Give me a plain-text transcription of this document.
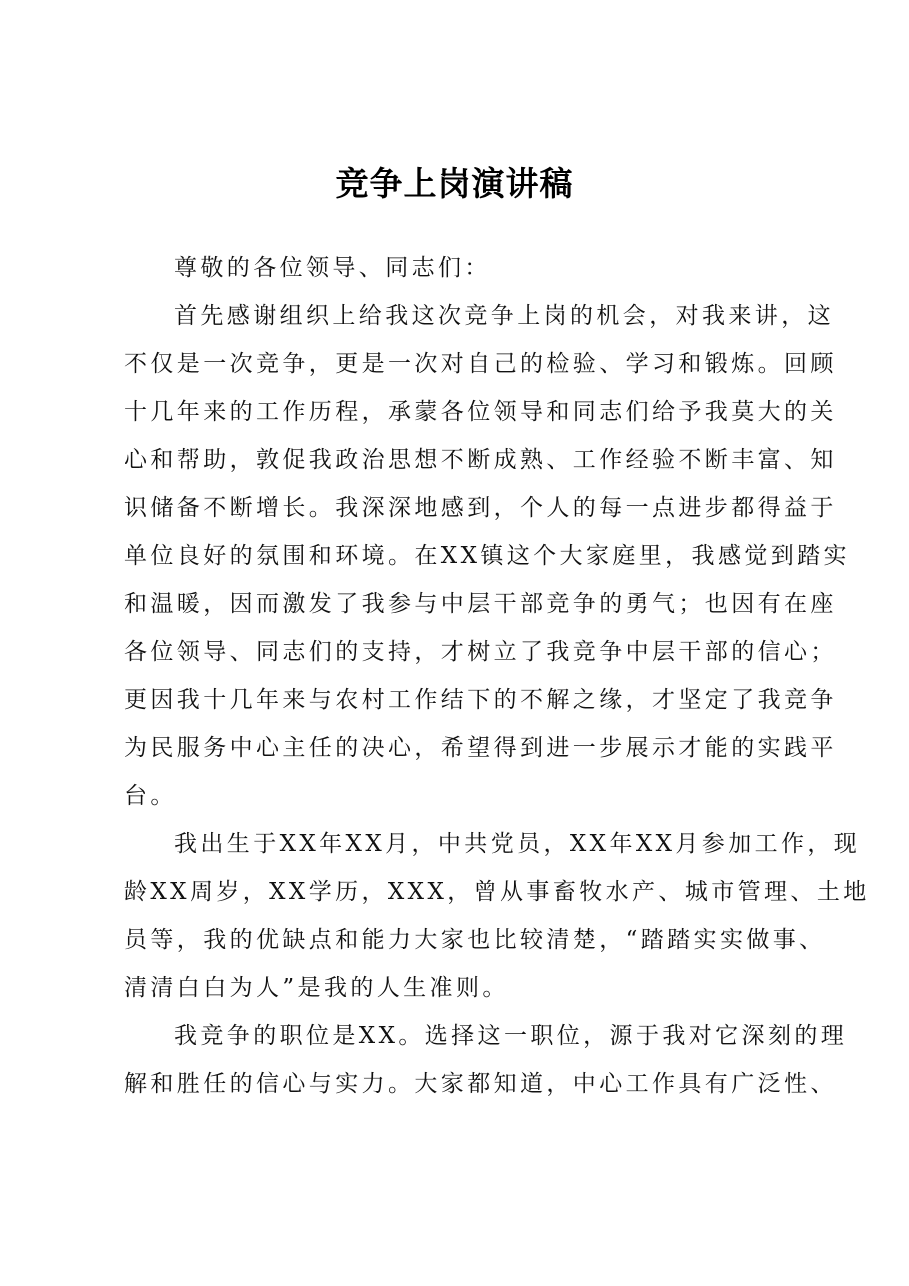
竞争上岗演讲稿
尊敬的各位领导、同志们：
首先感谢组织上给我这次竞争上岗的机会，对我来讲，这
不仅是一次竞争，更是一次对自己的检验、学习和锻炼。回顾
十几年来的工作历程，承蒙各位领导和同志们给予我莫大的关
心和帮助，敦促我政治思想不断成熟、工作经验不断丰富、知
识储备不断增长。我深深地感到，个人的每一点进步都得益于
单位良好的氛围和环境。在XX镇这个大家庭里，我感觉到踏实
和温暖，因而激发了我参与中层干部竞争的勇气；也因有在座
各位领导、同志们的支持，才树立了我竞争中层干部的信心；
更因我十几年来与农村工作结下的不解之缘，才坚定了我竞争
为民服务中心主任的决心，希望得到进一步展示才能的实践平
台。
我出生于XX年XX月，中共党员，XX年XX月参加工作，现
龄XX周岁，XX学历，XXX，曾从事畜牧水产、城市管理、土地
员等，我的优缺点和能力大家也比较清楚，“踏踏实实做事、
清清白白为人”是我的人生准则。
我竞争的职位是XX。选择这一职位，源于我对它深刻的理
解和胜任的信心与实力。大家都知道，中心工作具有广泛性、
